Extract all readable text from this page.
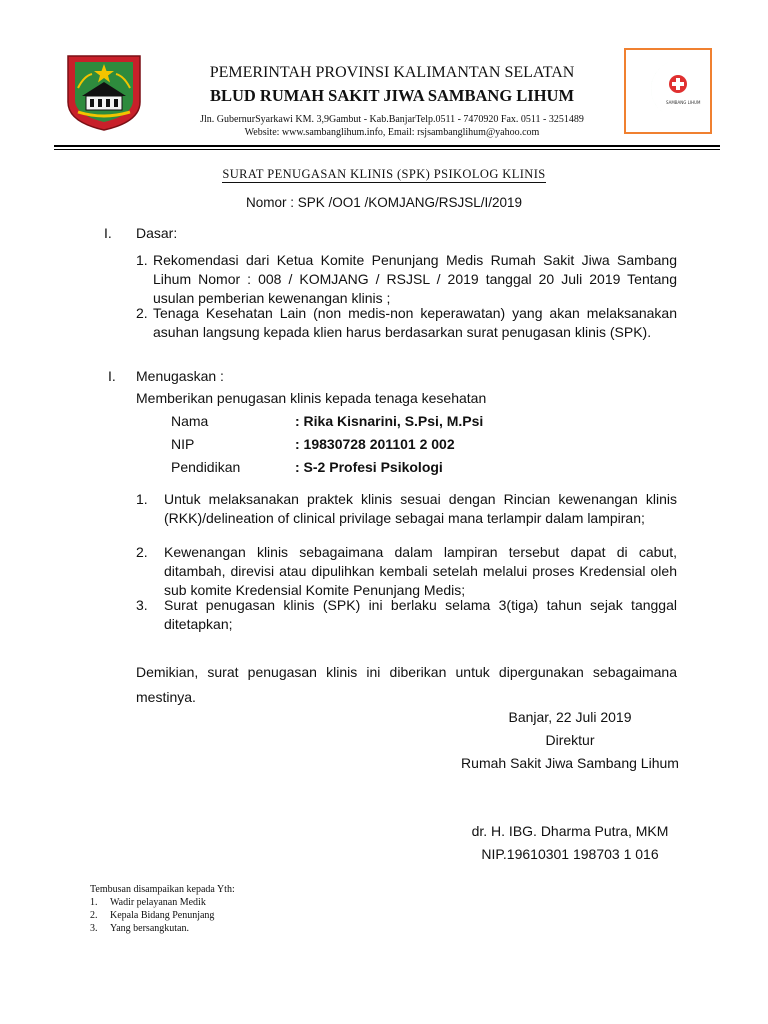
SAMBANG LIHUM
PEMERINTAH PROVINSI KALIMANTAN SELATAN
BLUD RUMAH SAKIT JIWA SAMBANG LIHUM
Jln. GubernurSyarkawi KM. 3,9Gambut - Kab.BanjarTelp.0511 - 7470920 Fax. 0511 - 3251489
Website: www.sambanglihum.info, Email: rsjsambanglihum@yahoo.com
SURAT PENUGASAN KLINIS (SPK) PSIKOLOG KLINIS
Nomor : SPK /OO1 /KOMJANG/RSJSL/I/2019
I. Dasar:
1. Rekomendasi dari Ketua Komite Penunjang Medis Rumah Sakit Jiwa Sambang Lihum Nomor : 008 / KOMJANG / RSJSL / 2019 tanggal 20 Juli 2019 Tentang usulan pemberian kewenangan klinis ;
2. Tenaga Kesehatan Lain (non medis-non keperawatan) yang akan melaksanakan asuhan langsung kepada klien harus berdasarkan surat penugasan klinis (SPK).
I. Menugaskan :
Memberikan penugasan klinis kepada tenaga kesehatan
Nama	: Rika Kisnarini, S.Psi, M.Psi
NIP	: 19830728 201101 2 002
Pendidikan	: S-2 Profesi Psikologi
1. Untuk melaksanakan praktek klinis sesuai dengan Rincian kewenangan klinis (RKK)/delineation of clinical privilage sebagai mana terlampir dalam lampiran;
2. Kewenangan klinis sebagaimana dalam lampiran tersebut dapat di cabut, ditambah, direvisi atau dipulihkan kembali setelah melalui proses Kredensial oleh sub komite Kredensial Komite Penunjang Medis;
3. Surat penugasan klinis (SPK) ini berlaku selama 3(tiga) tahun sejak tanggal ditetapkan;
Demikian, surat penugasan klinis ini diberikan untuk dipergunakan sebagaimana mestinya.
Banjar, 22 Juli 2019
Direktur
Rumah Sakit Jiwa Sambang Lihum
dr. H. IBG. Dharma Putra, MKM
NIP.19610301 198703 1 016
Tembusan disampaikan kepada Yth:
1. Wadir pelayanan Medik
2. Kepala Bidang Penunjang
3. Yang bersangkutan.
